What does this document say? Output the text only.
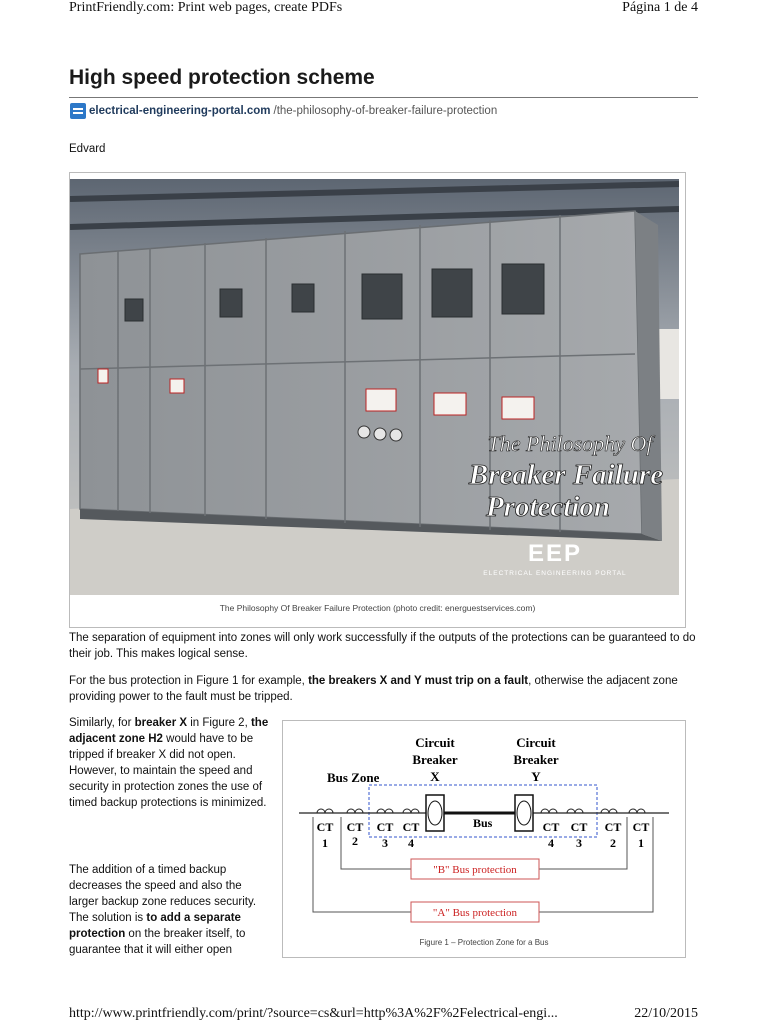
PrintFriendly.com: Print web pages, create PDFs	Página 1 de 4
High speed protection scheme
electrical-engineering-portal.com /the-philosophy-of-breaker-failure-protection
Edvard
The Philosophy Of
Breaker Failure
Protection
EEP
ELECTRICAL ENGINEERING PORTAL
The Philosophy Of Breaker Failure Protection (photo credit: energuestservices.com)
The separation of equipment into zones will only work successfully if the outputs of the protections can be guaranteed to do their job. This makes logical sense.
For the bus protection in Figure 1 for example, the breakers X and Y must trip on a fault, otherwise the adjacent zone providing power to the fault must be tripped.
Similarly, for breaker X in Figure 2, the adjacent zone H2 would have to be tripped if breaker X did not open. However, to maintain the speed and security in protection zones the use of timed backup protections is minimized.
The addition of a timed backup decreases the speed and also the larger backup zone reduces security. The solution is to add a separate protection on the breaker itself, to guarantee that it will either open
Bus Zone
Circuit
Breaker
X
Circuit
Breaker
Y
Bus
CT CT CT CT
1 2 3 4
CT CT CT CT
4 3 2 1
"B" Bus protection
"A" Bus protection
Figure 1 – Protection Zone for a Bus
http://www.printfriendly.com/print/?source=cs&url=http%3A%2F%2Felectrical-engi...	22/10/2015
